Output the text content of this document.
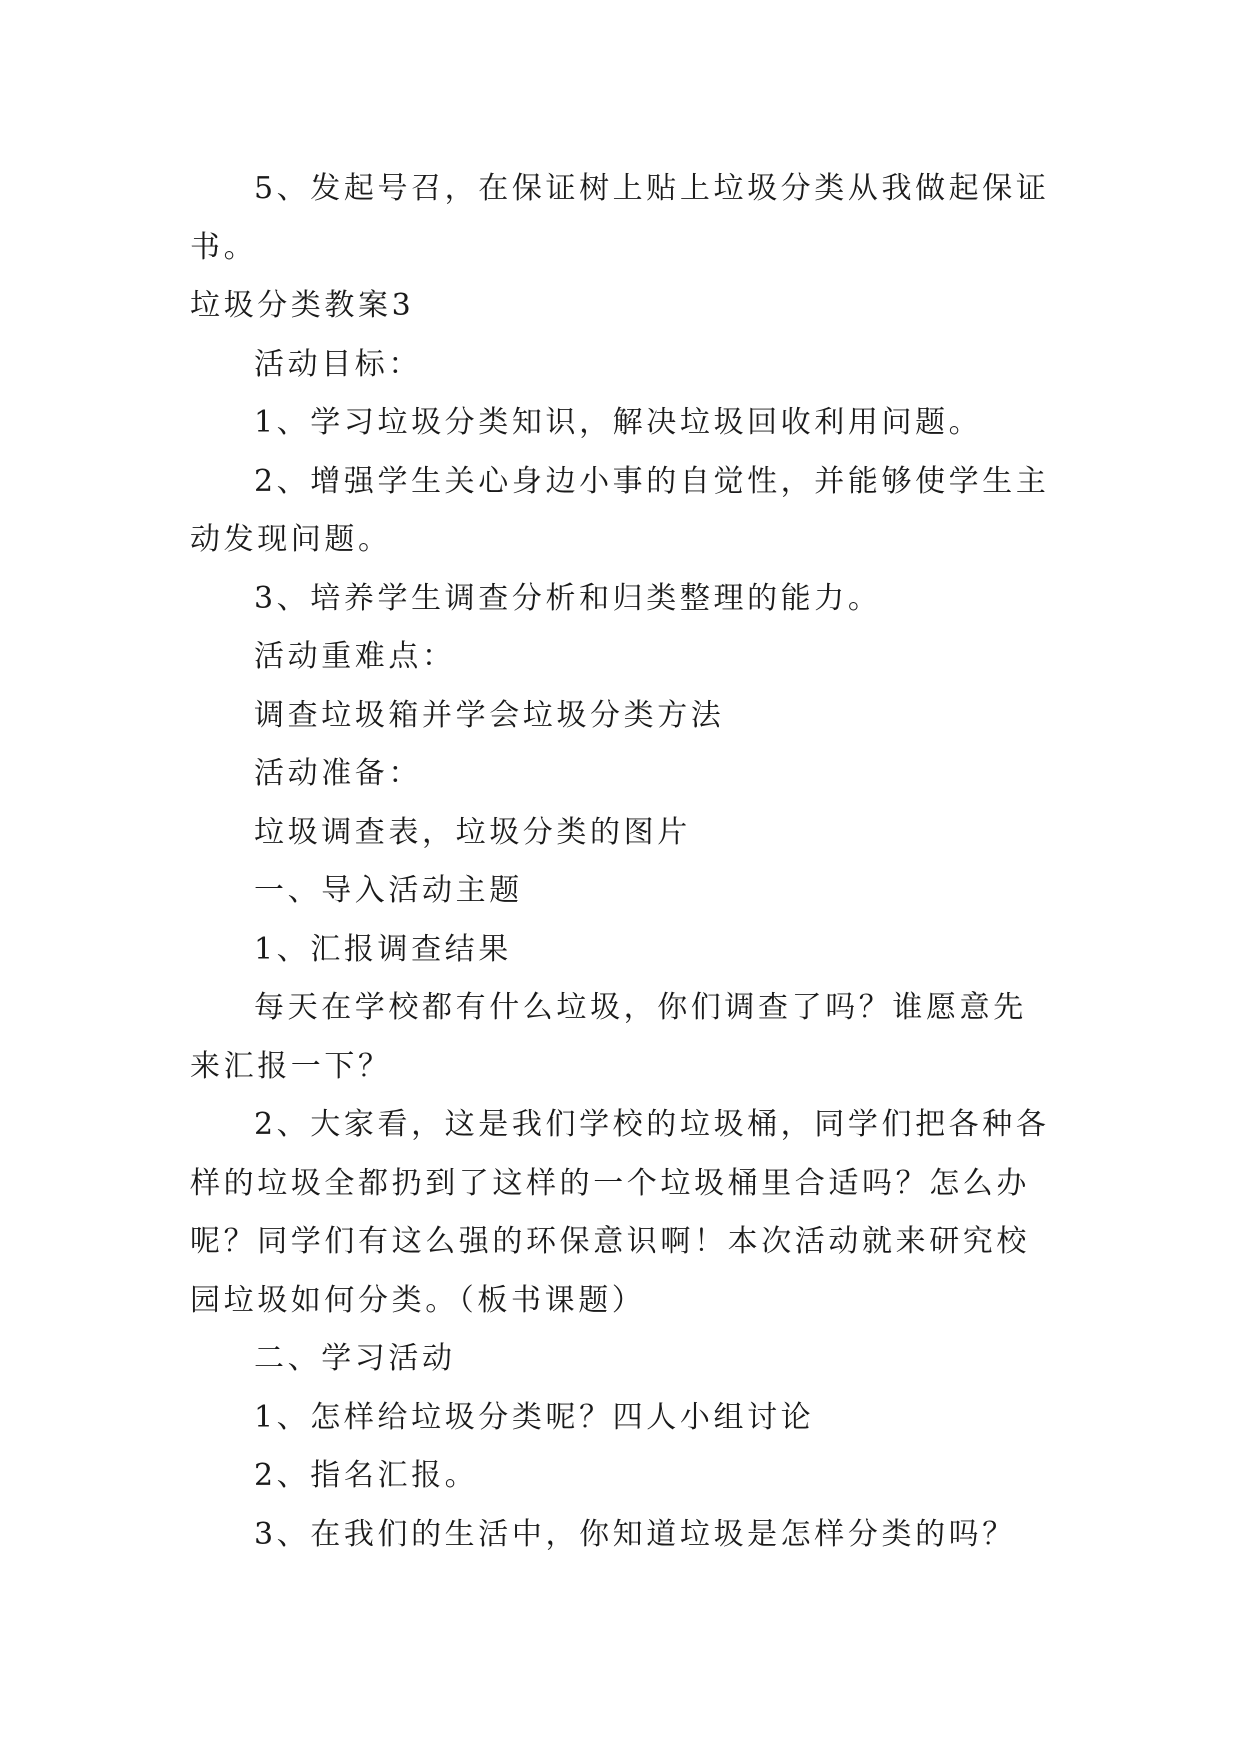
5、发起号召，在保证树上贴上垃圾分类从我做起保证书。

垃圾分类教案3

活动目标：

1、学习垃圾分类知识，解决垃圾回收利用问题。

2、增强学生关心身边小事的自觉性，并能够使学生主动发现问题。

3、培养学生调查分析和归类整理的能力。

活动重难点：

调查垃圾箱并学会垃圾分类方法

活动准备：

垃圾调查表，垃圾分类的图片

一、导入活动主题

1、汇报调查结果

每天在学校都有什么垃圾，你们调查了吗？谁愿意先来汇报一下？

2、大家看，这是我们学校的垃圾桶，同学们把各种各样的垃圾全都扔到了这样的一个垃圾桶里合适吗？怎么办呢？同学们有这么强的环保意识啊！本次活动就来研究校园垃圾如何分类。（板书课题）

二、学习活动

1、怎样给垃圾分类呢？四人小组讨论

2、指名汇报。

3、在我们的生活中，你知道垃圾是怎样分类的吗？
